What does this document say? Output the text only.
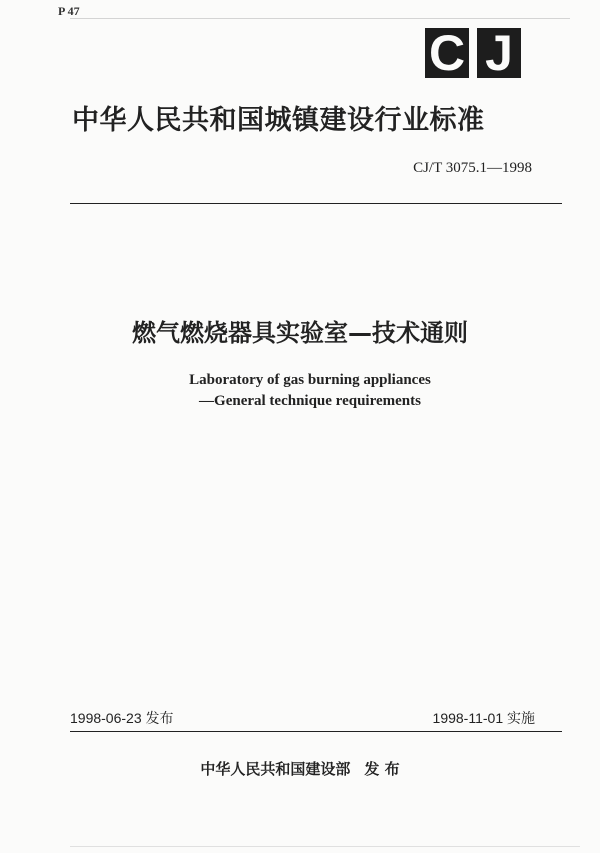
P 47
C J
中华人民共和国城镇建设行业标准
CJ/T 3075.1—1998
燃气燃烧器具实验室—技术通则
Laboratory of gas burning appliances
—General technique requirements
1998-06-23 发布	1998-11-01 实施
中华人民共和国建设部 发 布
